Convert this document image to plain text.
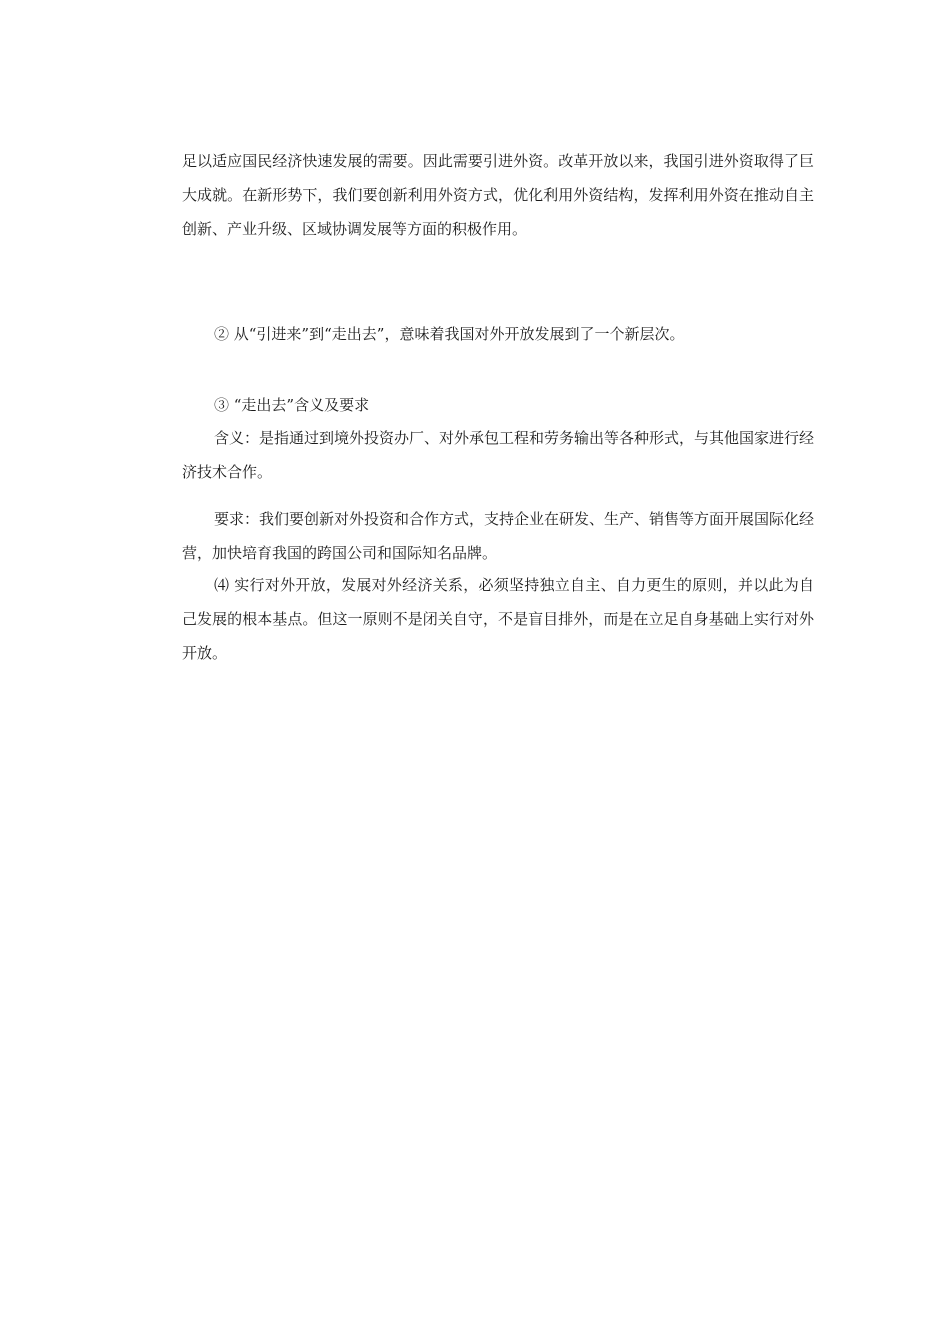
足以适应国民经济快速发展的需要。因此需要引进外资。改革开放以来，我国引进外资取得了巨大成就。在新形势下，我们要创新利用外资方式，优化利用外资结构，发挥利用外资在推动自主创新、产业升级、区域协调发展等方面的积极作用。

② 从“引进来”到“走出去”，意味着我国对外开放发展到了一个新层次。

③ “走出去”含义及要求

含义：是指通过到境外投资办厂、对外承包工程和劳务输出等各种形式，与其他国家进行经济技术合作。

要求：我们要创新对外投资和合作方式，支持企业在研发、生产、销售等方面开展国际化经营，加快培育我国的跨国公司和国际知名品牌。

⑷ 实行对外开放，发展对外经济关系，必须坚持独立自主、自力更生的原则，并以此为自己发展的根本基点。但这一原则不是闭关自守，不是盲目排外，而是在立足自身基础上实行对外开放。
